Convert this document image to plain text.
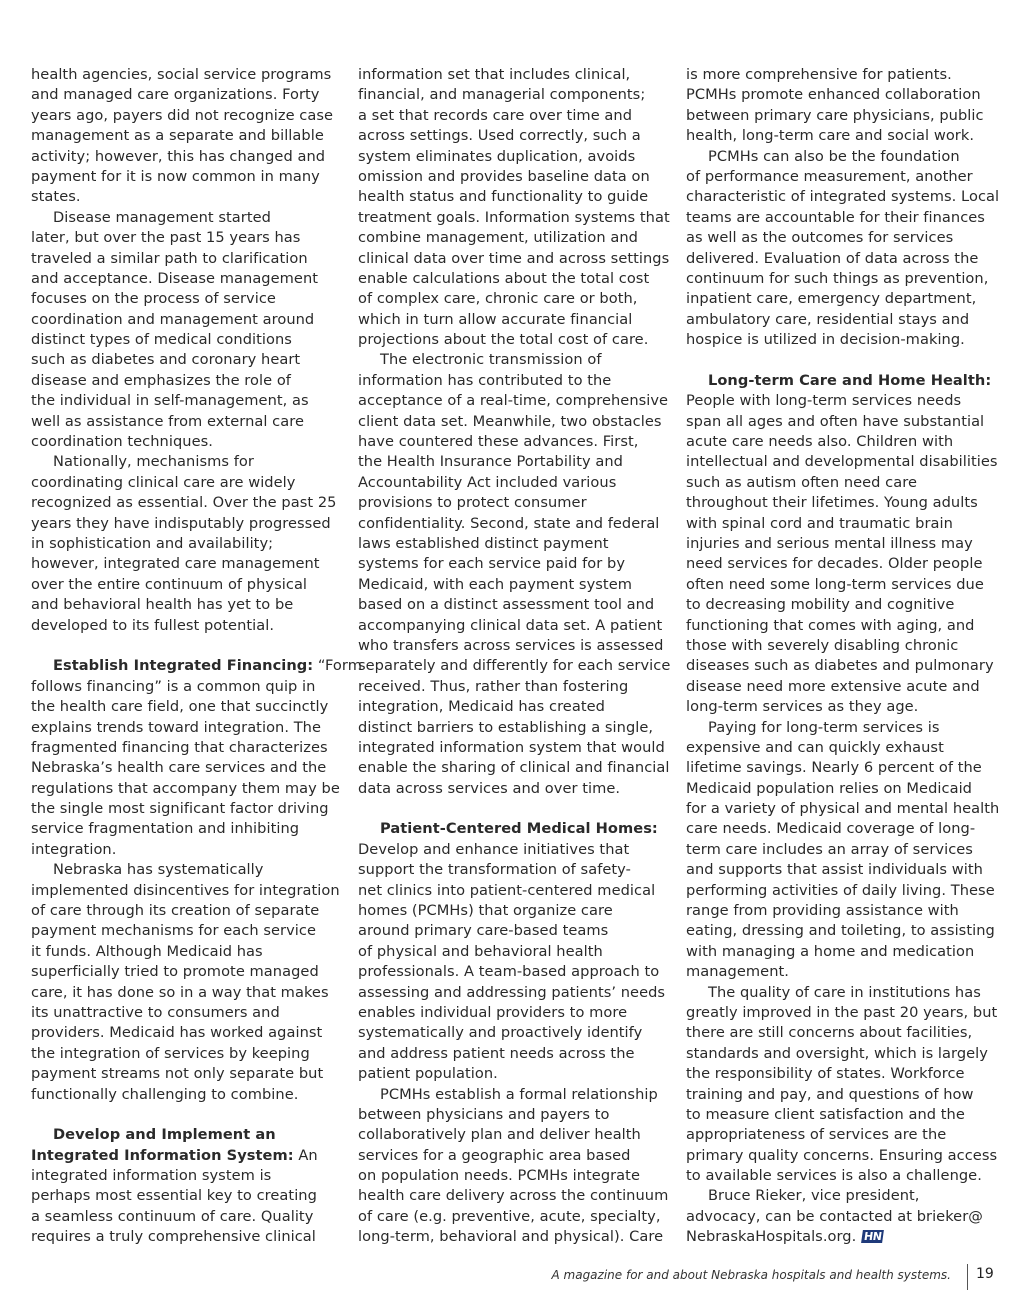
health agencies, social service programs
and managed care organizations. Forty
years ago, payers did not recognize case
management as a separate and billable
activity; however, this has changed and
payment for it is now common in many
states.
Disease management started
later, but over the past 15 years has
traveled a similar path to clarification
and acceptance. Disease management
focuses on the process of service
coordination and management around
distinct types of medical conditions
such as diabetes and coronary heart
disease and emphasizes the role of
the individual in self-management, as
well as assistance from external care
coordination techniques.
Nationally, mechanisms for
coordinating clinical care are widely
recognized as essential. Over the past 25
years they have indisputably progressed
in sophistication and availability;
however, integrated care management
over the entire continuum of physical
and behavioral health has yet to be
developed to its fullest potential.
Establish Integrated Financing: “Form
follows financing” is a common quip in
the health care field, one that succinctly
explains trends toward integration. The
fragmented financing that characterizes
Nebraska’s health care services and the
regulations that accompany them may be
the single most significant factor driving
service fragmentation and inhibiting
integration.
Nebraska has systematically
implemented disincentives for integration
of care through its creation of separate
payment mechanisms for each service
it funds. Although Medicaid has
superficially tried to promote managed
care, it has done so in a way that makes
its unattractive to consumers and
providers. Medicaid has worked against
the integration of services by keeping
payment streams not only separate but
functionally challenging to combine.
Develop and Implement an
Integrated Information System: An
integrated information system is
perhaps most essential key to creating
a seamless continuum of care. Quality
requires a truly comprehensive clinical
information set that includes clinical,
financial, and managerial components;
a set that records care over time and
across settings. Used correctly, such a
system eliminates duplication, avoids
omission and provides baseline data on
health status and functionality to guide
treatment goals. Information systems that
combine management, utilization and
clinical data over time and across settings
enable calculations about the total cost
of complex care, chronic care or both,
which in turn allow accurate financial
projections about the total cost of care.
The electronic transmission of
information has contributed to the
acceptance of a real-time, comprehensive
client data set. Meanwhile, two obstacles
have countered these advances. First,
the Health Insurance Portability and
Accountability Act included various
provisions to protect consumer
confidentiality. Second, state and federal
laws established distinct payment
systems for each service paid for by
Medicaid, with each payment system
based on a distinct assessment tool and
accompanying clinical data set. A patient
who transfers across services is assessed
separately and differently for each service
received. Thus, rather than fostering
integration, Medicaid has created
distinct barriers to establishing a single,
integrated information system that would
enable the sharing of clinical and financial
data across services and over time.
Patient-Centered Medical Homes:
Develop and enhance initiatives that
support the transformation of safety-
net clinics into patient-centered medical
homes (PCMHs) that organize care
around primary care-based teams
of physical and behavioral health
professionals. A team-based approach to
assessing and addressing patients’ needs
enables individual providers to more
systematically and proactively identify
and address patient needs across the
patient population.
PCMHs establish a formal relationship
between physicians and payers to
collaboratively plan and deliver health
services for a geographic area based
on population needs. PCMHs integrate
health care delivery across the continuum
of care (e.g. preventive, acute, specialty,
long-term, behavioral and physical). Care
is more comprehensive for patients.
PCMHs promote enhanced collaboration
between primary care physicians, public
health, long-term care and social work.
PCMHs can also be the foundation
of performance measurement, another
characteristic of integrated systems. Local
teams are accountable for their finances
as well as the outcomes for services
delivered. Evaluation of data across the
continuum for such things as prevention,
inpatient care, emergency department,
ambulatory care, residential stays and
hospice is utilized in decision-making.
Long-term Care and Home Health:
People with long-term services needs
span all ages and often have substantial
acute care needs also. Children with
intellectual and developmental disabilities
such as autism often need care
throughout their lifetimes. Young adults
with spinal cord and traumatic brain
injuries and serious mental illness may
need services for decades. Older people
often need some long-term services due
to decreasing mobility and cognitive
functioning that comes with aging, and
those with severely disabling chronic
diseases such as diabetes and pulmonary
disease need more extensive acute and
long-term services as they age.
Paying for long-term services is
expensive and can quickly exhaust
lifetime savings. Nearly 6 percent of the
Medicaid population relies on Medicaid
for a variety of physical and mental health
care needs. Medicaid coverage of long-
term care includes an array of services
and supports that assist individuals with
performing activities of daily living. These
range from providing assistance with
eating, dressing and toileting, to assisting
with managing a home and medication
management.
The quality of care in institutions has
greatly improved in the past 20 years, but
there are still concerns about facilities,
standards and oversight, which is largely
the responsibility of states. Workforce
training and pay, and questions of how
to measure client satisfaction and the
appropriateness of services are the
primary quality concerns. Ensuring access
to available services is also a challenge.
Bruce Rieker, vice president,
advocacy, can be contacted at brieker@
NebraskaHospitals.org. HN
A magazine for and about Nebraska hospitals and health systems. 19
